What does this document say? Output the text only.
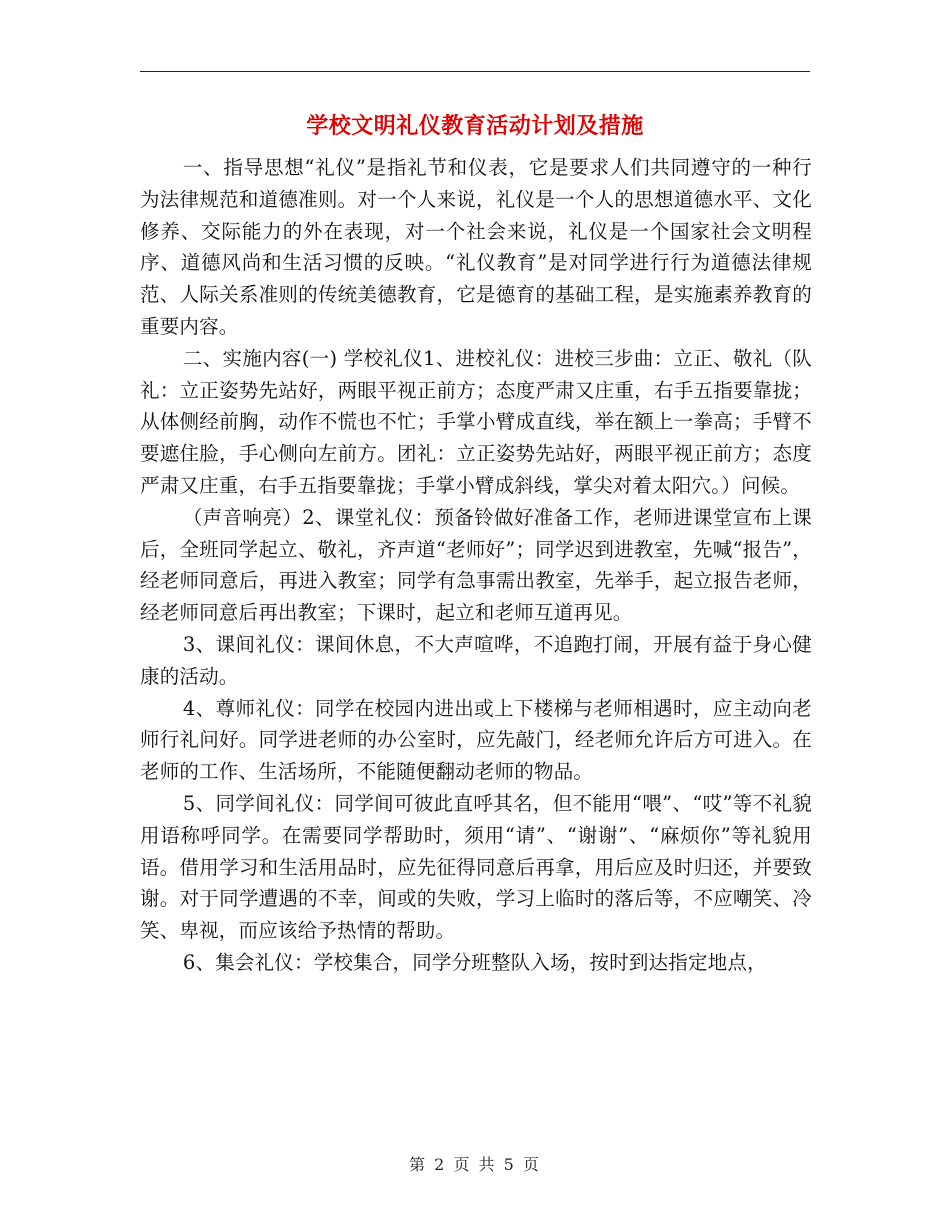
学校文明礼仪教育活动计划及措施

一、指导思想“礼仪”是指礼节和仪表，它是要求人们共同遵守的一种行为法律规范和道德准则。对一个人来说，礼仪是一个人的思想道德水平、文化修养、交际能力的外在表现，对一个社会来说，礼仪是一个国家社会文明程序、道德风尚和生活习惯的反映。“礼仪教育”是对同学进行行为道德法律规范、人际关系准则的传统美德教育，它是德育的基础工程，是实施素养教育的重要内容。

二、实施内容(一) 学校礼仪1、进校礼仪：进校三步曲：立正、敬礼（队礼：立正姿势先站好，两眼平视正前方；态度严肃又庄重，右手五指要靠拢；从体侧经前胸，动作不慌也不忙；手掌小臂成直线，举在额上一拳高；手臂不要遮住脸，手心侧向左前方。团礼：立正姿势先站好，两眼平视正前方；态度严肃又庄重，右手五指要靠拢；手掌小臂成斜线，掌尖对着太阳穴。）问候。

（声音响亮）2、课堂礼仪：预备铃做好准备工作，老师进课堂宣布上课后，全班同学起立、敬礼，齐声道“老师好”；同学迟到进教室，先喊“报告”，经老师同意后，再进入教室；同学有急事需出教室，先举手，起立报告老师，经老师同意后再出教室；下课时，起立和老师互道再见。

3、课间礼仪：课间休息，不大声喧哗，不追跑打闹，开展有益于身心健康的活动。

4、尊师礼仪：同学在校园内进出或上下楼梯与老师相遇时，应主动向老师行礼问好。同学进老师的办公室时，应先敲门，经老师允许后方可进入。在老师的工作、生活场所，不能随便翻动老师的物品。

5、同学间礼仪：同学间可彼此直呼其名，但不能用“喂”、“哎”等不礼貌用语称呼同学。在需要同学帮助时，须用“请”、“谢谢”、“麻烦你”等礼貌用语。借用学习和生活用品时，应先征得同意后再拿，用后应及时归还，并要致谢。对于同学遭遇的不幸，间或的失败，学习上临时的落后等，不应嘲笑、冷笑、卑视，而应该给予热情的帮助。

6、集会礼仪：学校集合，同学分班整队入场，按时到达指定地点，

第 2 页 共 5 页
